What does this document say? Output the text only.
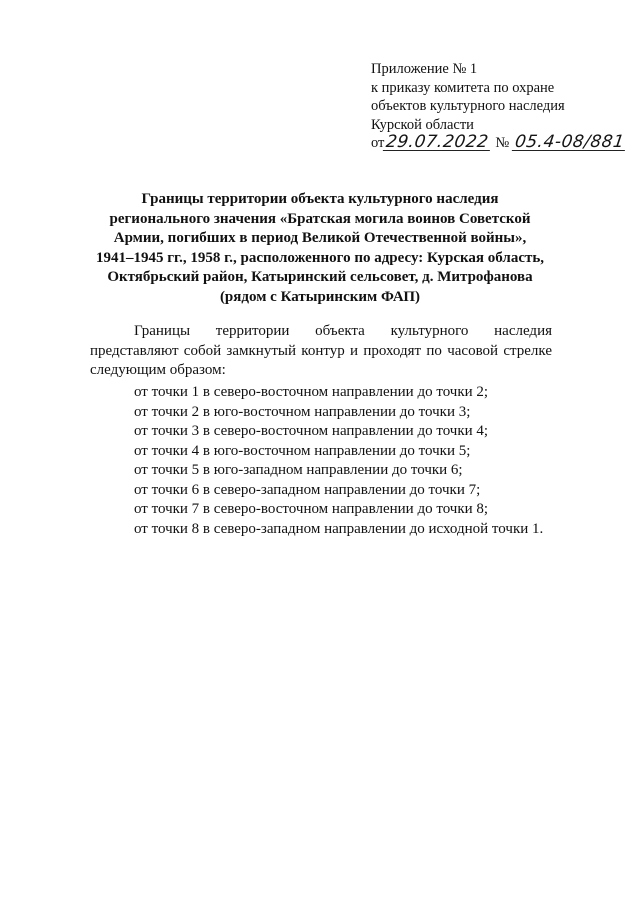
Приложение № 1
к приказу комитета по охране
объектов культурного наследия
Курской области
от29.07.2022 № 05.4-08/881
Границы территории объекта культурного наследия
регионального значения «Братская могила воинов Советской
Армии, погибших в период Великой Отечественной войны»,
1941–1945 гг., 1958 г., расположенного по адресу: Курская область,
Октябрьский район, Катыринский сельсовет, д. Митрофанова
(рядом с Катыринским ФАП)
Границы территории объекта культурного наследия представляют собой замкнутый контур и проходят по часовой стрелке следующим образом:
от точки 1 в северо-восточном направлении до точки 2;
от точки 2 в юго-восточном направлении до точки 3;
от точки 3 в северо-восточном направлении до точки 4;
от точки 4 в юго-восточном направлении до точки 5;
от точки 5 в юго-западном направлении до точки 6;
от точки 6 в северо-западном направлении до точки 7;
от точки 7 в северо-восточном направлении до точки 8;
от точки 8 в северо-западном направлении до исходной точки 1.
